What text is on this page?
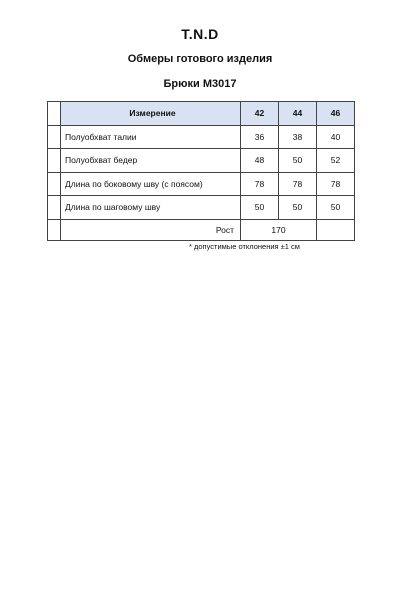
T.N.D
Обмеры готового изделия
Брюки М3017
	Измерение	42	44	46
	Полуобхват талии	36	38	40
	Полуобхват бедер	48	50	52
	Длина по боковому шву (с поясом)	78	78	78
	Длина по шаговому шву	50	50	50
	Рост	170		
* допустимые отклонения ±1 см
